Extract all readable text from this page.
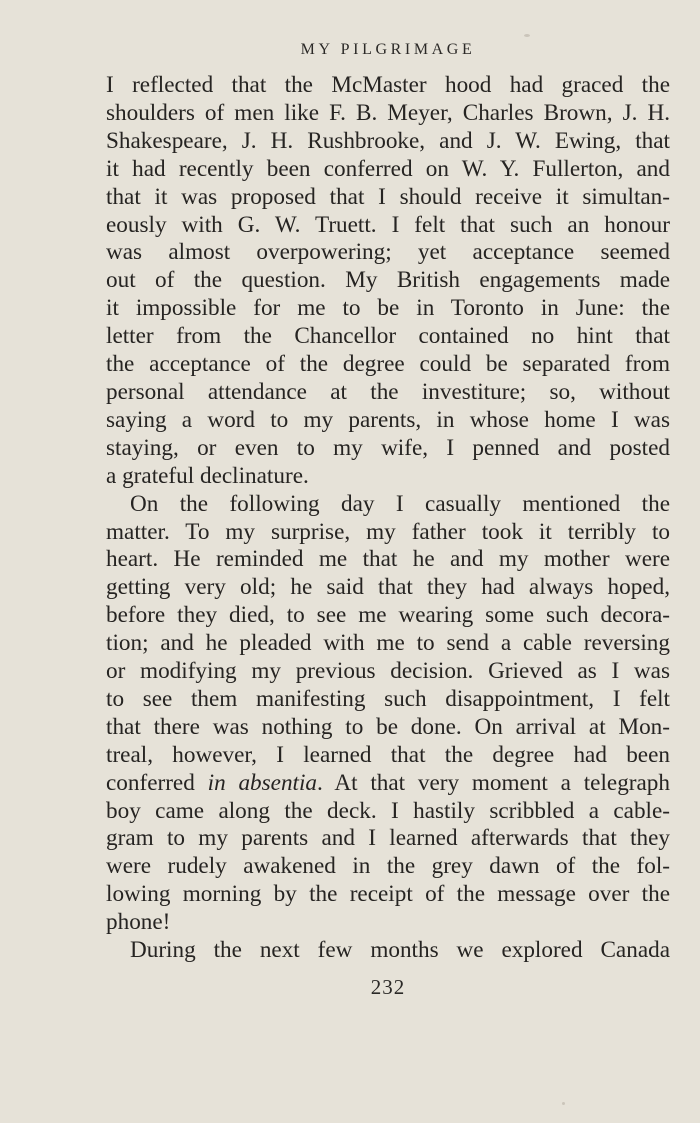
MY PILGRIMAGE
I reflected that the McMaster hood had graced the
shoulders of men like F. B. Meyer, Charles Brown, J. H.
Shakespeare, J. H. Rushbrooke, and J. W. Ewing, that
it had recently been conferred on W. Y. Fullerton, and
that it was proposed that I should receive it simultan-
eously with G. W. Truett. I felt that such an honour
was almost overpowering; yet acceptance seemed
out of the question. My British engagements made
it impossible for me to be in Toronto in June: the
letter from the Chancellor contained no hint that
the acceptance of the degree could be separated from
personal attendance at the investiture; so, without
saying a word to my parents, in whose home I was
staying, or even to my wife, I penned and posted
a grateful declinature.
On the following day I casually mentioned the
matter. To my surprise, my father took it terribly to
heart. He reminded me that he and my mother were
getting very old; he said that they had always hoped,
before they died, to see me wearing some such decora-
tion; and he pleaded with me to send a cable reversing
or modifying my previous decision. Grieved as I was
to see them manifesting such disappointment, I felt
that there was nothing to be done. On arrival at Mon-
treal, however, I learned that the degree had been
conferred in absentia. At that very moment a telegraph
boy came along the deck. I hastily scribbled a cable-
gram to my parents and I learned afterwards that they
were rudely awakened in the grey dawn of the fol-
lowing morning by the receipt of the message over the
phone!
During the next few months we explored Canada
232
